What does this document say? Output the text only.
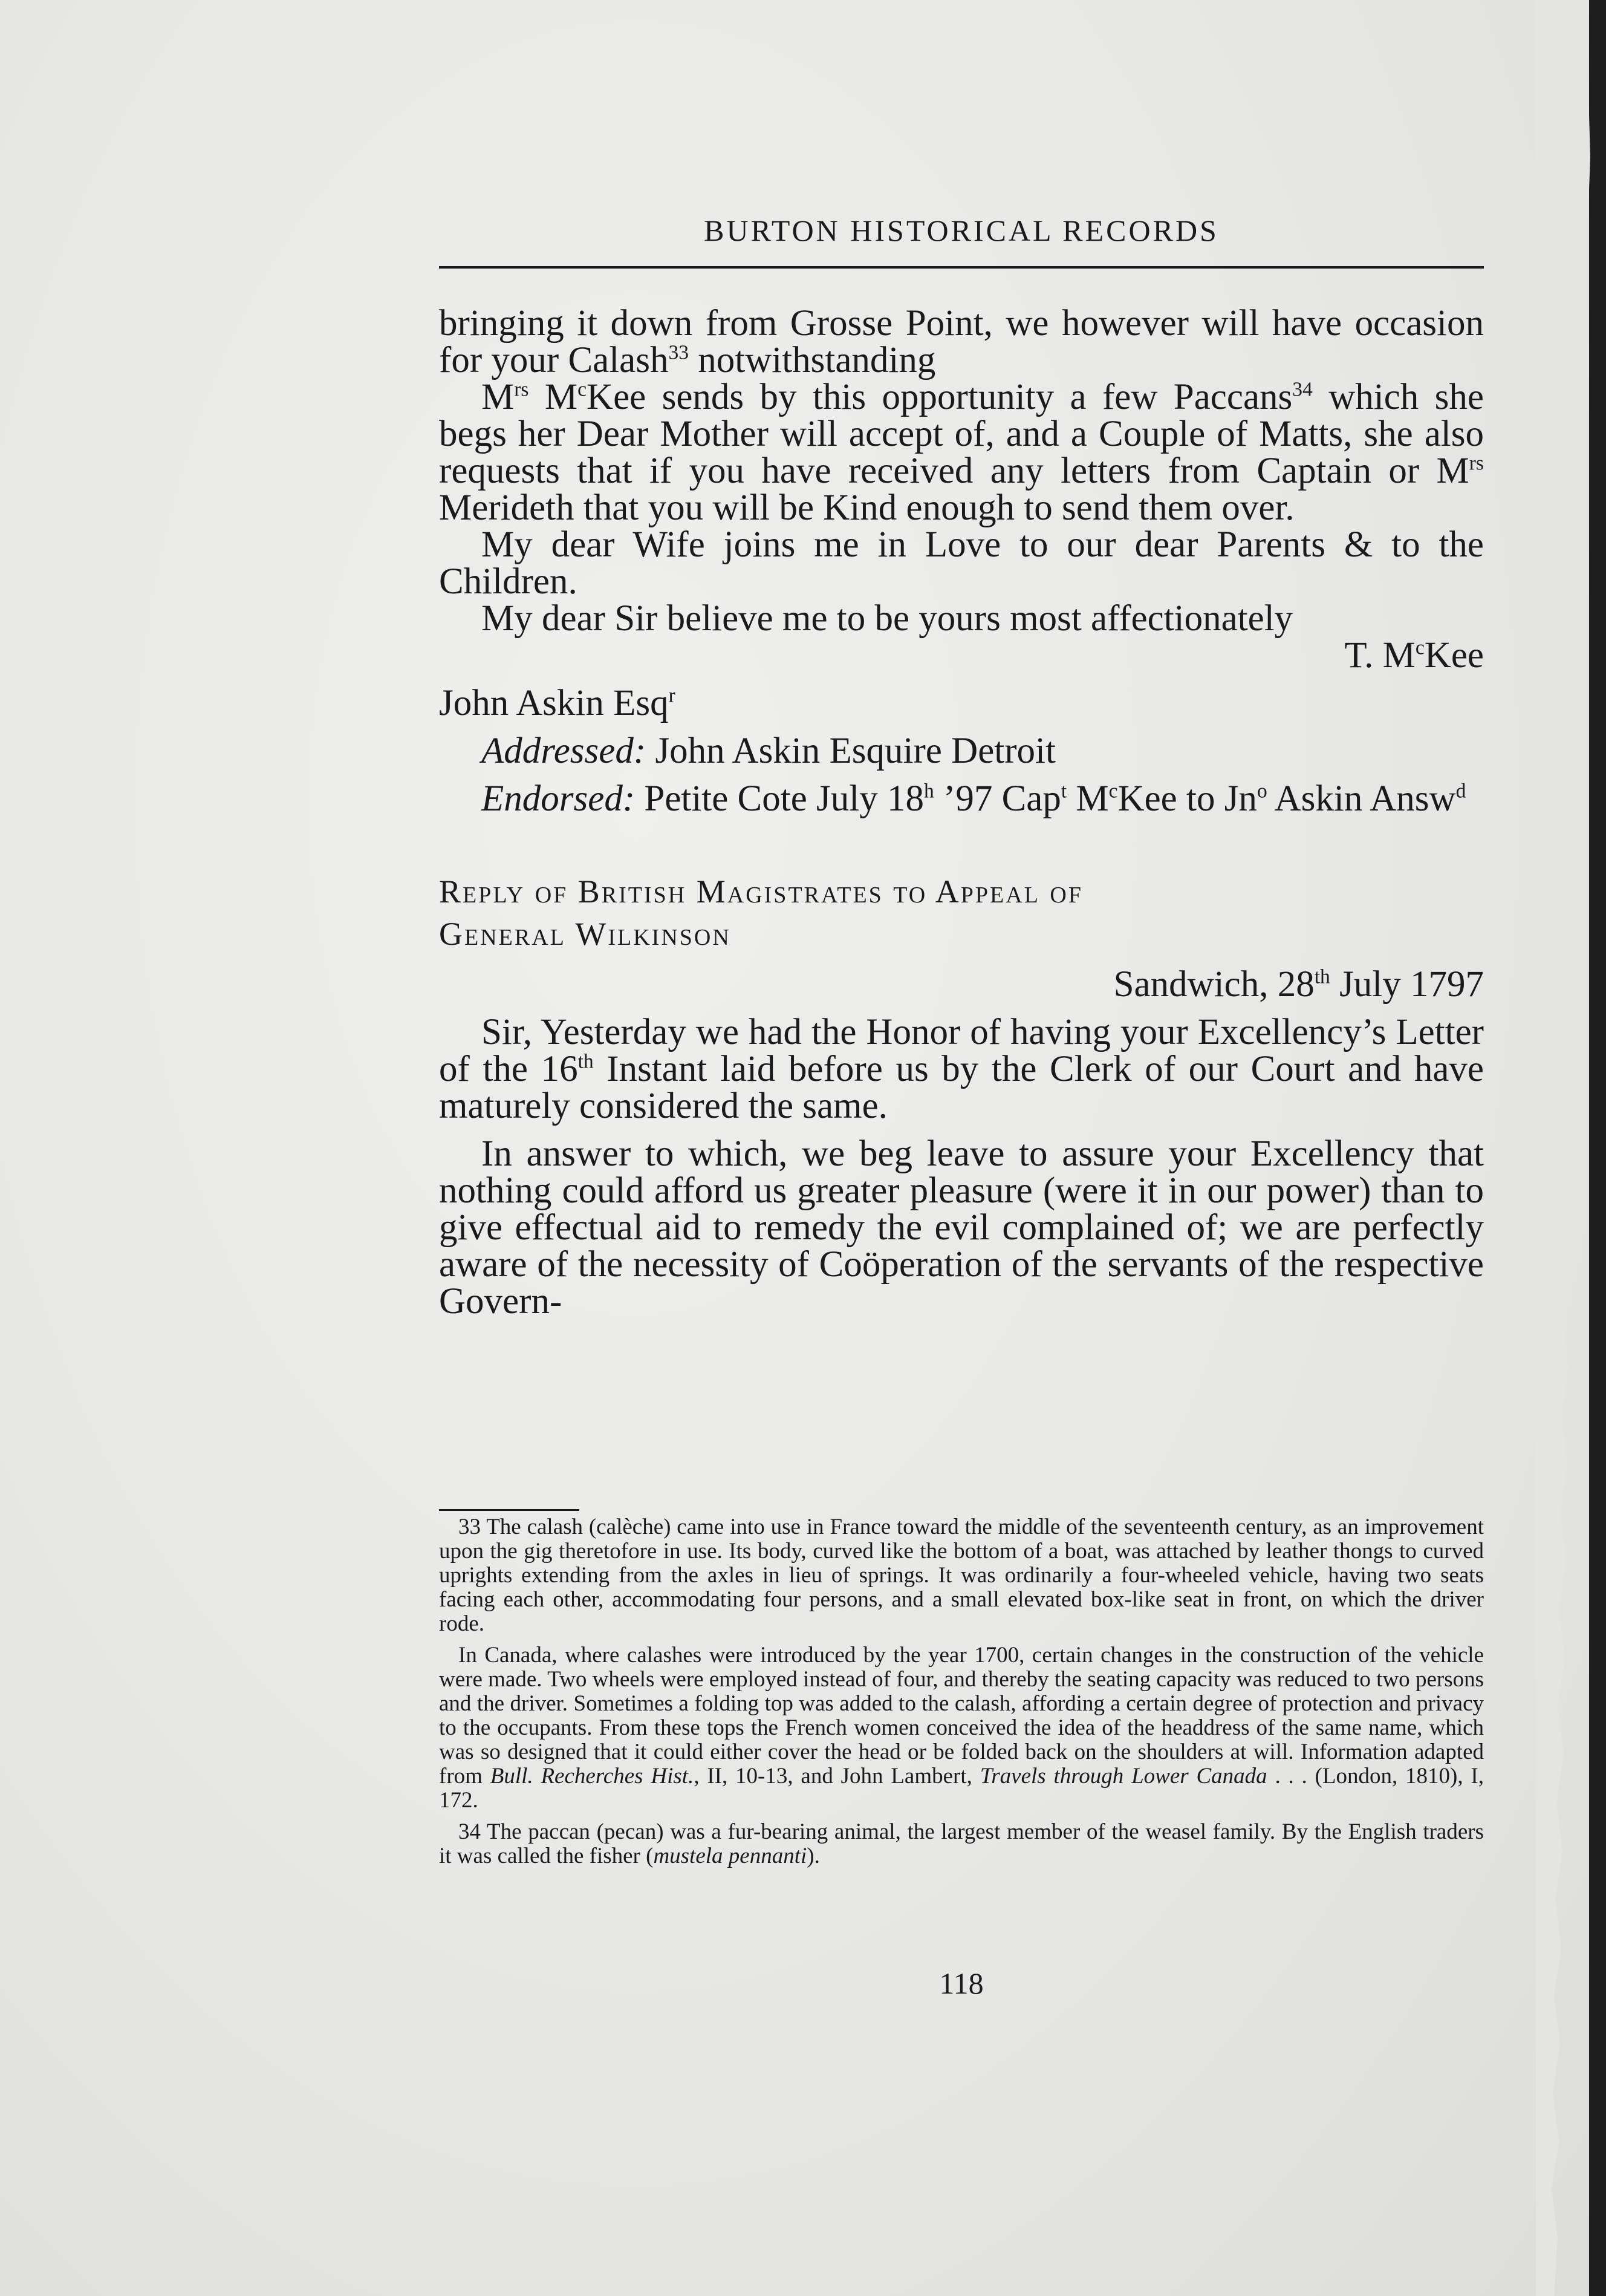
BURTON HISTORICAL RECORDS

bringing it down from Grosse Point, we however will have occasion for your Calash$^{33}$ notwithstanding

$M^{rs}$ $M^cKee$ sends by this opportunity a few Paccans$^{34}$ which she begs her Dear Mother will accept of, and a Couple of Matts, she also requests that if you have received any letters from Captain or $M^{rs}$ Merideth that you will be Kind enough to send them over.

My dear Wife joins me in Love to our dear Parents & to the Children.

My dear Sir believe me to be yours most affectionately

T. $M^cKee$

John Askin Esq$^r$

Addressed: John Askin Esquire Detroit

Endorsed: Petite Cote July 18$^h$ ’97 Cap$^t$ $M^cKee$ to Jn$^o$ Askin Answ$^d$

Reply of British Magistrates to Appeal of

General Wilkinson

Sandwich, 28th July 1797

Sir, Yesterday we had the Honor of having your Excellency’s Letter of the 16th Instant laid before us by the Clerk of our Court and have maturely considered the same.

In answer to which, we beg leave to assure your Excellency that nothing could afford us greater pleasure (were it in our power) than to give effectual aid to remedy the evil complained of; we are perfectly aware of the necessity of Coöperation of the servants of the respective Govern-

33 The calash (calèche) came into use in France toward the middle of the seventeenth century, as an improvement upon the gig theretofore in use. Its body, curved like the bottom of a boat, was attached by leather thongs to curved uprights extending from the axles in lieu of springs. It was ordinarily a four-wheeled vehicle, having two seats facing each other, accommodating four persons, and a small elevated box-like seat in front, on which the driver rode.

In Canada, where calashes were introduced by the year 1700, certain changes in the construction of the vehicle were made. Two wheels were employed instead of four, and thereby the seating capacity was reduced to two persons and the driver. Sometimes a folding top was added to the calash, affording a certain degree of protection and privacy to the occupants. From these tops the French women conceived the idea of the headdress of the same name, which was so designed that it could either cover the head or be folded back on the shoulders at will. Information adapted from Bull. Recherches Hist., II, 10-13, and John Lambert, Travels through Lower Canada . . . (London, 1810), I, 172.

34 The paccan (pecan) was a fur-bearing animal, the largest member of the weasel family. By the English traders it was called the fisher (mustela pennanti).

118
